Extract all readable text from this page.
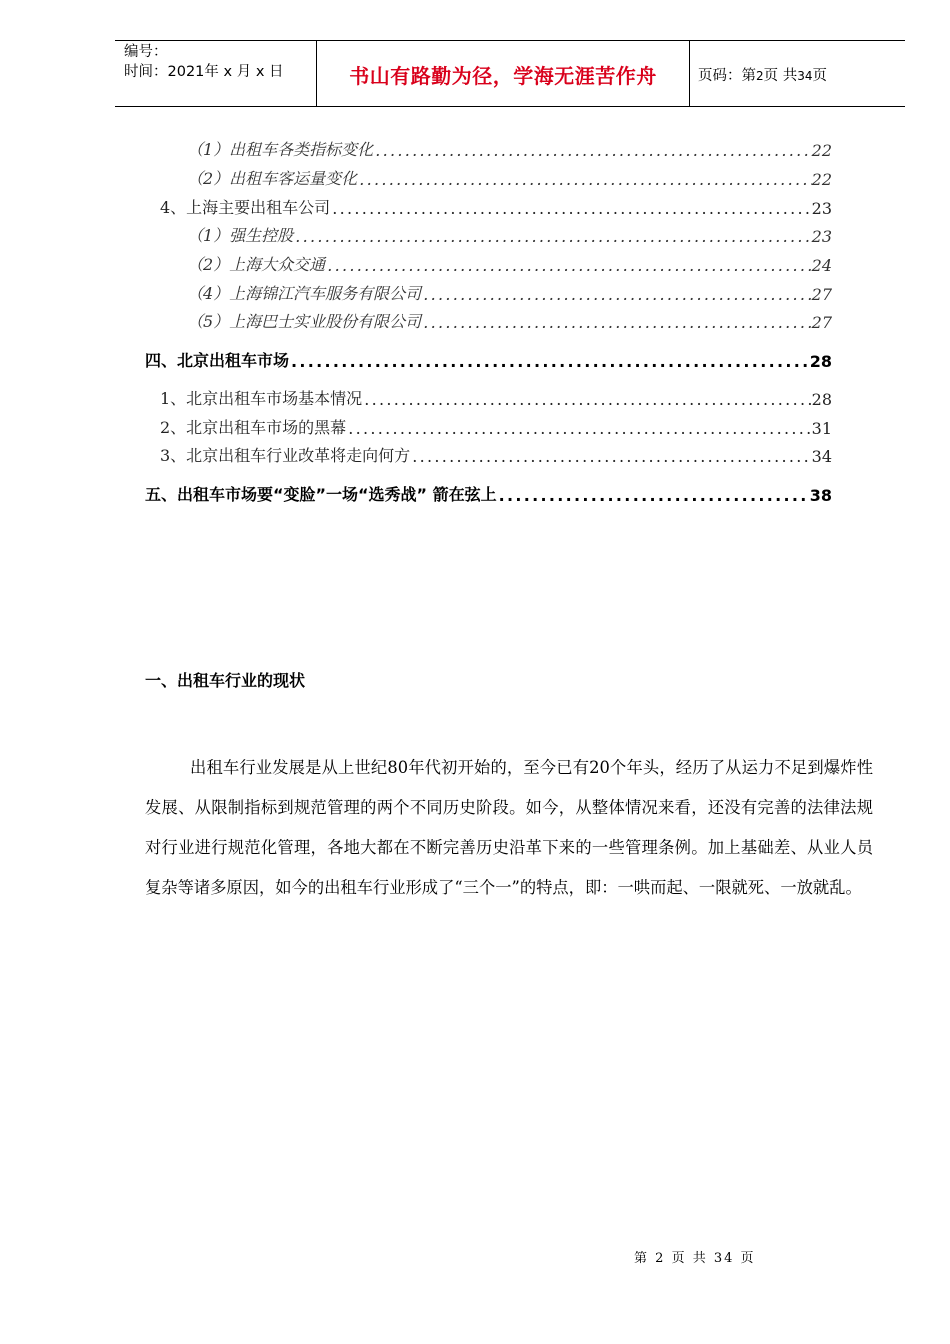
编号：
时间：2021年 x 月 x 日	书山有路勤为径，学海无涯苦作舟	页码：第2页 共34页
（1）出租车各类指标变化 .....	22
（2）出租车客运量变化 .....	22
4、上海主要出租车公司 .....	23
（1）强生控股 .....	23
（2）上海大众交通 .....	24
（4）上海锦江汽车服务有限公司 .....	27
（5）上海巴士实业股份有限公司 .....	27
四、北京出租车市场 .....	28
1、北京出租车市场基本情况 .....	28
2、北京出租车市场的黑幕 .....	31
3、北京出租车行业改革将走向何方 .....	34
五、出租车市场要“变脸”一场“选秀战” 箭在弦上 .....	38
一、出租车行业的现状
出租车行业发展是从上世纪80年代初开始的，至今已有20个年头，经历了从运力不足到爆炸性发展、从限制指标到规范管理的两个不同历史阶段。如今，从整体情况来看，还没有完善的法律法规对行业进行规范化管理，各地大都在不断完善历史沿革下来的一些管理条例。加上基础差、从业人员复杂等诸多原因，如今的出租车行业形成了“三个一”的特点，即：一哄而起、一限就死、一放就乱。
第 2 页 共 34 页
